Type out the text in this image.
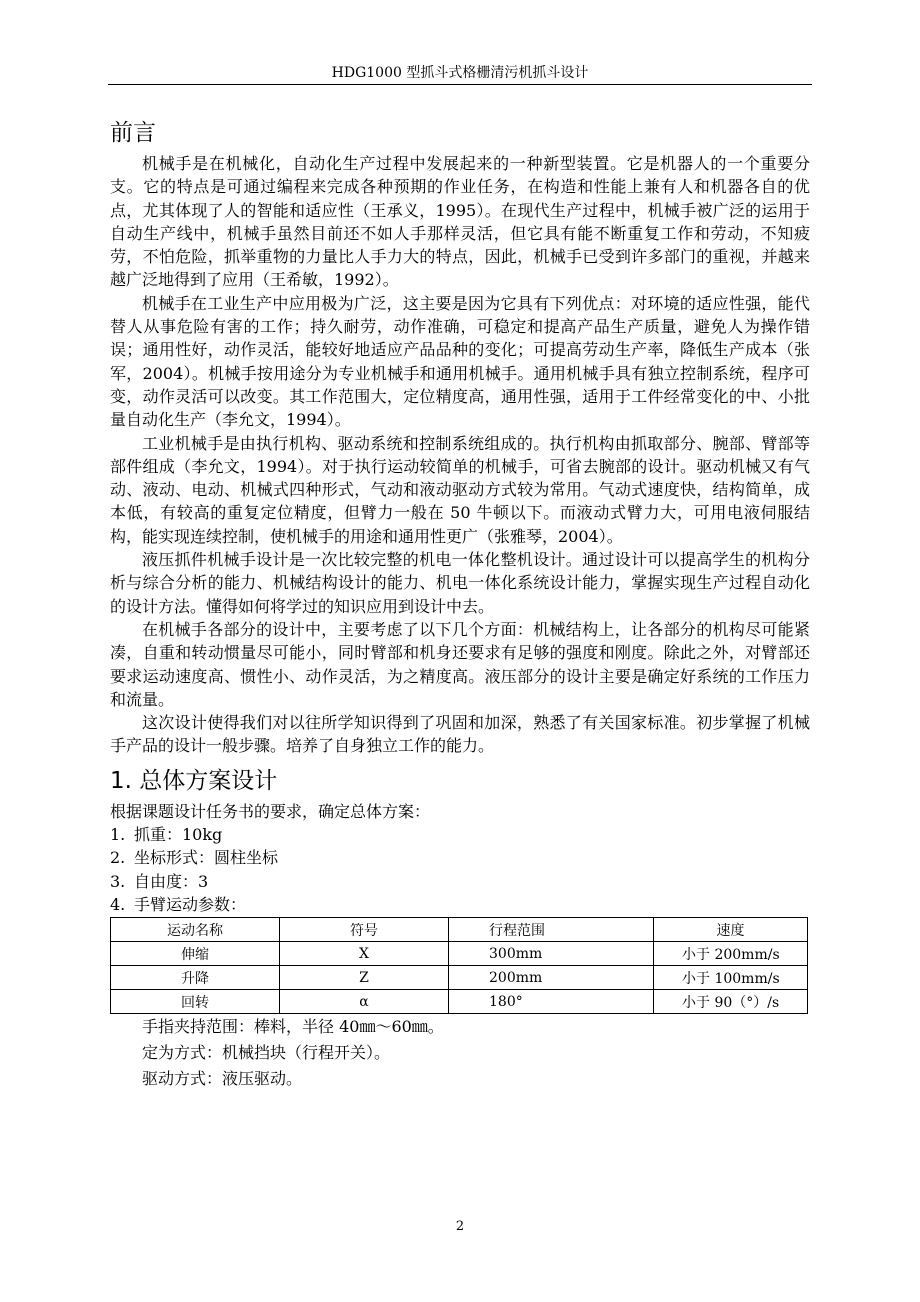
HDG1000 型抓斗式格栅清污机抓斗设计
前言

机械手是在机械化，自动化生产过程中发展起来的一种新型装置。它是机器人的一个重要分支。它的特点是可通过编程来完成各种预期的作业任务，在构造和性能上兼有人和机器各自的优点，尤其体现了人的智能和适应性（王承义，1995）。在现代生产过程中，机械手被广泛的运用于自动生产线中，机械手虽然目前还不如人手那样灵活，但它具有能不断重复工作和劳动，不知疲劳，不怕危险，抓举重物的力量比人手力大的特点，因此，机械手已受到许多部门的重视，并越来越广泛地得到了应用（王希敏，1992）。

机械手在工业生产中应用极为广泛，这主要是因为它具有下列优点：对环境的适应性强，能代替人从事危险有害的工作；持久耐劳，动作准确，可稳定和提高产品生产质量，避免人为操作错误；通用性好，动作灵活，能较好地适应产品品种的变化；可提高劳动生产率，降低生产成本（张军，2004）。机械手按用途分为专业机械手和通用机械手。通用机械手具有独立控制系统，程序可变，动作灵活可以改变。其工作范围大，定位精度高，通用性强，适用于工件经常变化的中、小批量自动化生产（李允文，1994）。

工业机械手是由执行机构、驱动系统和控制系统组成的。执行机构由抓取部分、腕部、臂部等部件组成（李允文，1994）。对于执行运动较简单的机械手，可省去腕部的设计。驱动机械又有气动、液动、电动、机械式四种形式，气动和液动驱动方式较为常用。气动式速度快，结构简单，成本低，有较高的重复定位精度，但臂力一般在 50 牛顿以下。而液动式臂力大，可用电液伺服结构，能实现连续控制，使机械手的用途和通用性更广（张雅琴，2004）。

液压抓件机械手设计是一次比较完整的机电一体化整机设计。通过设计可以提高学生的机构分析与综合分析的能力、机械结构设计的能力、机电一体化系统设计能力，掌握实现生产过程自动化的设计方法。懂得如何将学过的知识应用到设计中去。

在机械手各部分的设计中，主要考虑了以下几个方面：机械结构上，让各部分的机构尽可能紧凑，自重和转动惯量尽可能小，同时臂部和机身还要求有足够的强度和刚度。除此之外，对臂部还要求运动速度高、惯性小、动作灵活，为之精度高。液压部分的设计主要是确定好系统的工作压力和流量。

这次设计使得我们对以往所学知识得到了巩固和加深，熟悉了有关国家标准。初步掌握了机械手产品的设计一般步骤。培养了自身独立工作的能力。

1. 总体方案设计

根据课题设计任务书的要求，确定总体方案：

1. 抓重：10kg
2. 坐标形式：圆柱坐标
3. 自由度：3
4. 手臂运动参数：
运动名称	符号	行程范围	速度
伸缩	X	300mm	小于 200mm/s
升降	Z	200mm	小于 100mm/s
回转	α	180°	小于 90（°）/s

手指夹持范围：棒料，半径 40㎜～60㎜。

定为方式：机械挡块（行程开关）。

驱动方式：液压驱动。

2
